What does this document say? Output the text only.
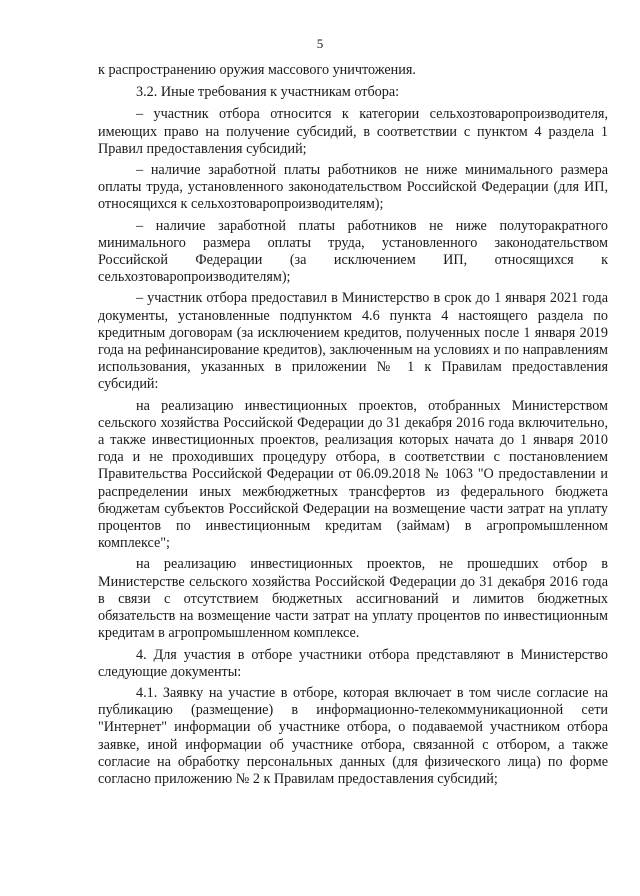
5

к распространению оружия массового уничтожения.

3.2. Иные требования к участникам отбора:

– участник отбора относится к категории сельхозтоваропроизводителя, имеющих право на получение субсидий, в соответствии с пунктом 4 раздела 1 Правил предоставления субсидий;

– наличие заработной платы работников не ниже минимального размера оплаты труда, установленного законодательством Российской Федерации (для ИП, относящихся к сельхозтоваропроизводителям);

– наличие заработной платы работников не ниже полуторакратного минимального размера оплаты труда, установленного законодательством Российской Федерации (за исключением ИП, относящихся к сельхозтоваропроизводителям);

– участник отбора предоставил в Министерство в срок до 1 января 2021 года документы, установленные подпунктом 4.6 пункта 4 настоящего раздела по кредитным договорам (за исключением кредитов, полученных после 1 января 2019 года на рефинансирование кредитов), заключенным на условиях и по направлениям использования, указанных в приложении № 1 к Правилам предоставления субсидий:

на реализацию инвестиционных проектов, отобранных Министерством сельского хозяйства Российской Федерации до 31 декабря 2016 года включительно, а также инвестиционных проектов, реализация которых начата до 1 января 2010 года и не проходивших процедуру отбора, в соответствии с постановлением Правительства Российской Федерации от 06.09.2018 № 1063 "О предоставлении и распределении иных межбюджетных трансфертов из федерального бюджета бюджетам субъектов Российской Федерации на возмещение части затрат на уплату процентов по инвестиционным кредитам (займам) в агропромышленном комплексе";

на реализацию инвестиционных проектов, не прошедших отбор в Министерстве сельского хозяйства Российской Федерации до 31 декабря 2016 года в связи с отсутствием бюджетных ассигнований и лимитов бюджетных обязательств на возмещение части затрат на уплату процентов по инвестиционным кредитам в агропромышленном комплексе.

4. Для участия в отборе участники отбора представляют в Министерство следующие документы:

4.1. Заявку на участие в отборе, которая включает в том числе согласие на публикацию (размещение) в информационно-телекоммуникационной сети "Интернет" информации об участнике отбора, о подаваемой участником отбора заявке, иной информации об участнике отбора, связанной с отбором, а также согласие на обработку персональных данных (для физического лица) по форме согласно приложению № 2 к Правилам предоставления субсидий;
